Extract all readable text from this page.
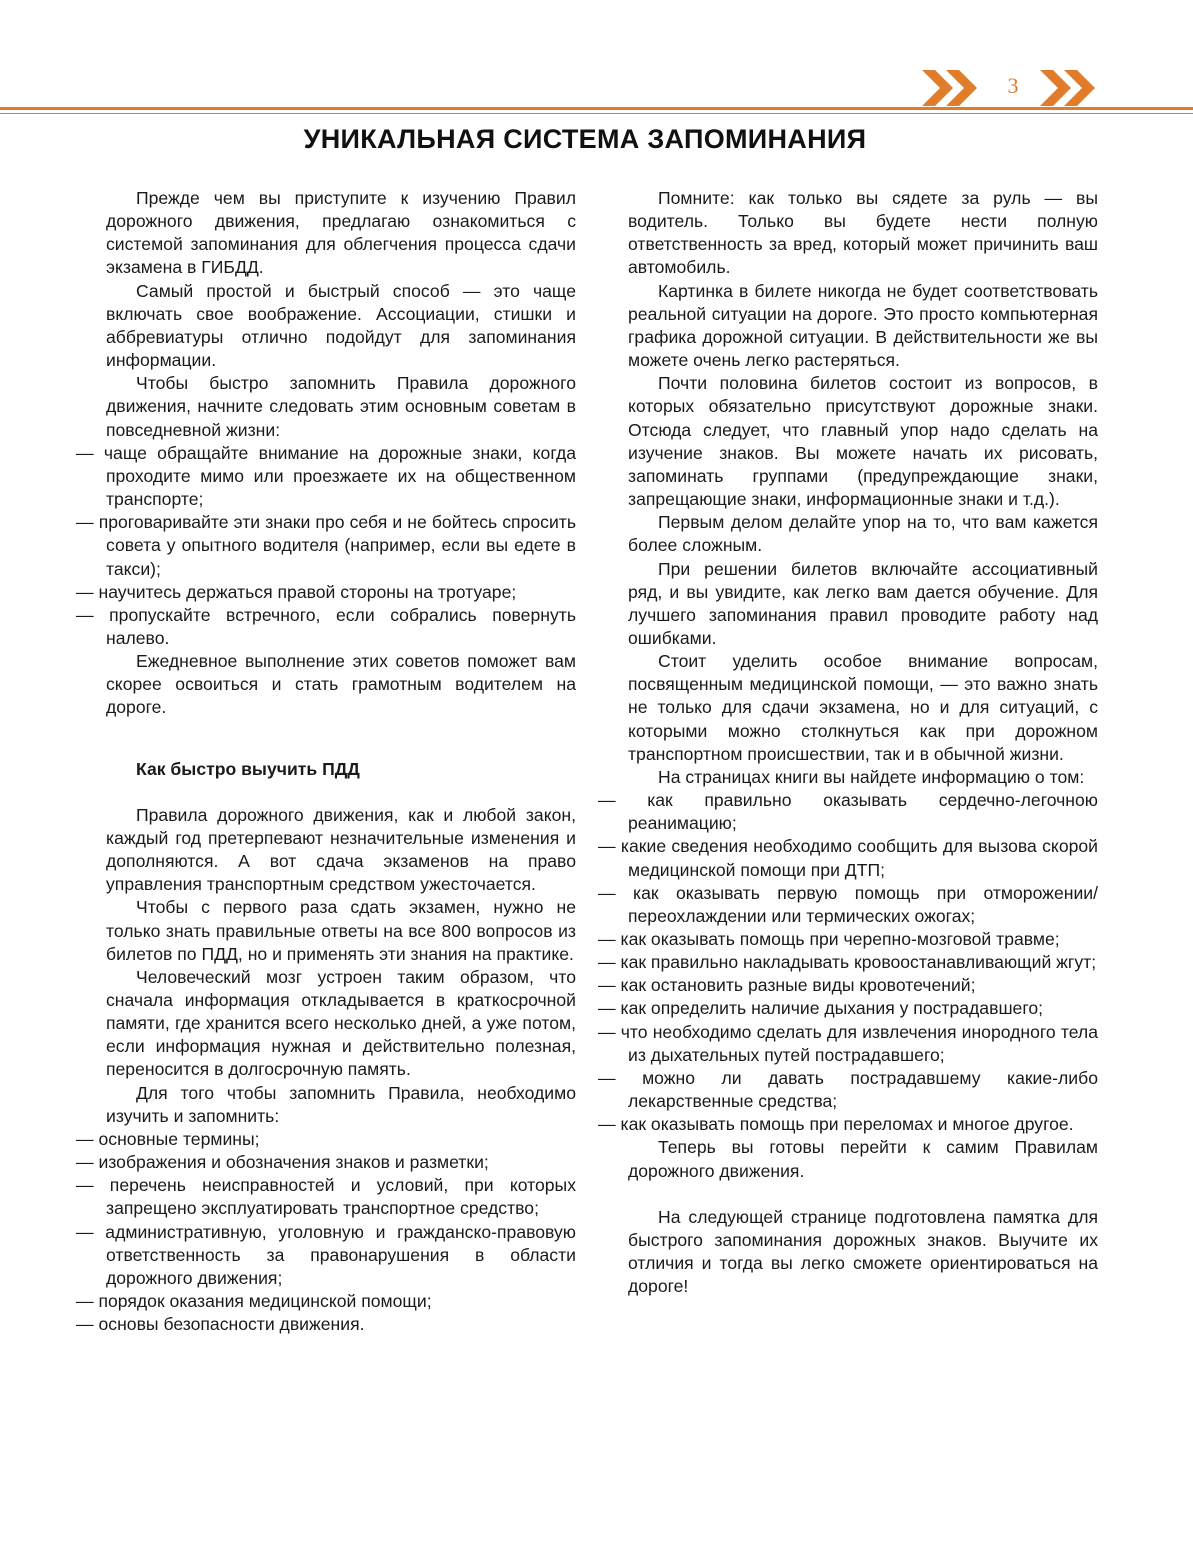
3
УНИКАЛЬНАЯ СИСТЕМА ЗАПОМИНАНИЯ

Прежде чем вы приступите к изучению Правил дорожного движения, предлагаю ознакомиться с системой запоминания для облегчения процесса сдачи экзамена в ГИБДД.

Самый простой и быстрый способ — это чаще включать свое воображение. Ассоциации, стишки и аббревиатуры отлично подойдут для запоминания информации.

Чтобы быстро запомнить Правила дорожного движения, начните следовать этим основным советам в повседневной жизни:

— чаще обращайте внимание на дорожные знаки, когда проходите мимо или проезжаете их на общественном транспорте;
— проговаривайте эти знаки про себя и не бойтесь спросить совета у опытного водителя (например, если вы едете в такси);
— научитесь держаться правой стороны на тротуаре;
— пропускайте встречного, если собрались повернуть налево.

Ежедневное выполнение этих советов поможет вам скорее освоиться и стать грамотным водителем на дороге.

Как быстро выучить ПДД

Правила дорожного движения, как и любой закон, каждый год претерпевают незначительные изменения и дополняются. А вот сдача экзаменов на право управления транспортным средством ужесточается.

Чтобы с первого раза сдать экзамен, нужно не только знать правильные ответы на все 800 вопросов из билетов по ПДД, но и применять эти знания на практике.

Человеческий мозг устроен таким образом, что сначала информация откладывается в краткосрочной памяти, где хранится всего несколько дней, а уже потом, если информация нужная и действительно полезная, переносится в долгосрочную память.

Для того чтобы запомнить Правила, необходимо изучить и запомнить:

— основные термины;
— изображения и обозначения знаков и разметки;
— перечень неисправностей и условий, при которых запрещено эксплуатировать транспортное средство;
— административную, уголовную и гражданско-правовую ответственность за правонарушения в области дорожного движения;
— порядок оказания медицинской помощи;
— основы безопасности движения.

Помните: как только вы сядете за руль — вы водитель. Только вы будете нести полную ответственность за вред, который может причинить ваш автомобиль.

Картинка в билете никогда не будет соответствовать реальной ситуации на дороге. Это просто компьютерная графика дорожной ситуации. В действительности же вы можете очень легко растеряться.

Почти половина билетов состоит из вопросов, в которых обязательно присутствуют дорожные знаки. Отсюда следует, что главный упор надо сделать на изучение знаков. Вы можете начать их рисовать, запоминать группами (предупреждающие знаки, запрещающие знаки, информационные знаки и т.д.).

Первым делом делайте упор на то, что вам кажется более сложным.

При решении билетов включайте ассоциативный ряд, и вы увидите, как легко вам дается обучение. Для лучшего запоминания правил проводите работу над ошибками.

Стоит уделить особое внимание вопросам, посвященным медицинской помощи, — это важно знать не только для сдачи экзамена, но и для ситуаций, с которыми можно столкнуться как при дорожном транспортном происшествии, так и в обычной жизни.

На страницах книги вы найдете информацию о том:

— как правильно оказывать сердечно-легочною реанимацию;
— какие сведения необходимо сообщить для вызова скорой медицинской помощи при ДТП;
— как оказывать первую помощь при отморожении/переохлаждении или термических ожогах;
— как оказывать помощь при черепно-мозговой травме;
— как правильно накладывать кровоостанавливающий жгут;
— как остановить разные виды кровотечений;
— как определить наличие дыхания у пострадавшего;
— что необходимо сделать для извлечения инородного тела из дыхательных путей пострадавшего;
— можно ли давать пострадавшему какие-либо лекарственные средства;
— как оказывать помощь при переломах и многое другое.

Теперь вы готовы перейти к самим Правилам дорожного движения.

На следующей странице подготовлена памятка для быстрого запоминания дорожных знаков. Выучите их отличия и тогда вы легко сможете ориентироваться на дороге!
